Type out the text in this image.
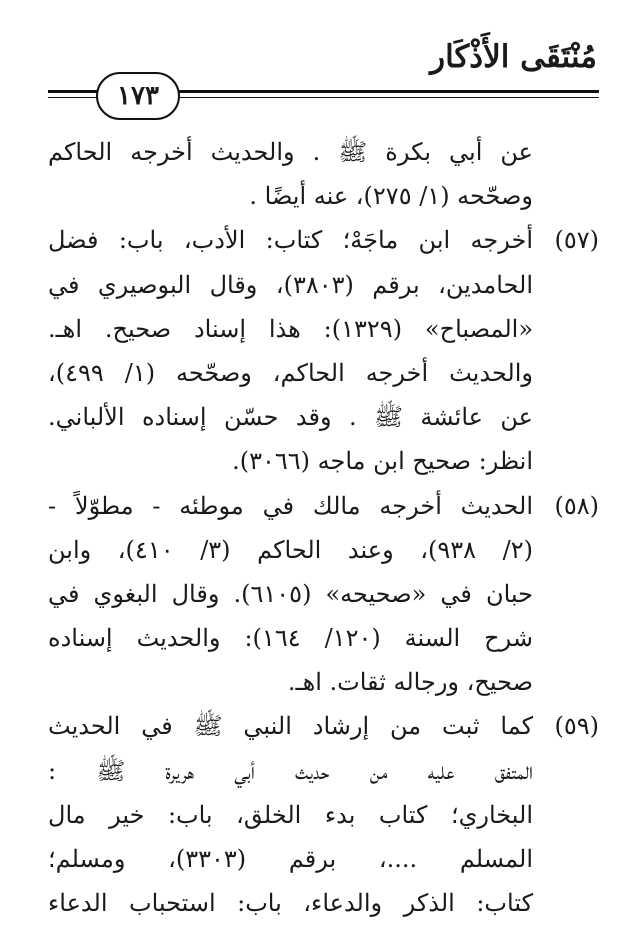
مُنْتَقَى الأَذْكَار
١٧٣
عن أبي بكرة ﷺ . والحديث أخرجه الحاكم
وصحّحه (١/ ٢٧٥)، عنه أيضًا .
(٥٧)
أخرجه ابن ماجَهْ؛ كتاب: الأدب، باب: فضل
الحامدين، برقم (٣٨٠٣)، وقال البوصيري في
«المصباح» (١٣٢٩): هذا إسناد صحيح. اهـ.
والحديث أخرجه الحاكم، وصحّحه (١/ ٤٩٩)،
عن عائشة ﷺ . وقد حسّن إسناده الألباني.
انظر: صحيح ابن ماجه (٣٠٦٦).
(٥٨)
الحديث أخرجه مالك في موطئه - مطوّلاً -
(٢/ ٩٣٨)، وعند الحاكم (٣/ ٤١٠)، وابن
حبان في «صحيحه» (٦١٠٥). وقال البغوي في
شرح السنة (١٢٠/ ١٦٤): والحديث إسناده
صحيح، ورجاله ثقات. اهـ.
(٥٩)
كما ثبت من إرشاد النبي ﷺ في الحديث
المتفق عليه من حديث أبي هريرة ﷺ :
البخاري؛ كتاب بدء الخلق، باب: خير مال
المسلم ....، برقم (٣٣٠٣)، ومسلم؛
كتاب: الذكر والدعاء، باب: استحباب الدعاء
